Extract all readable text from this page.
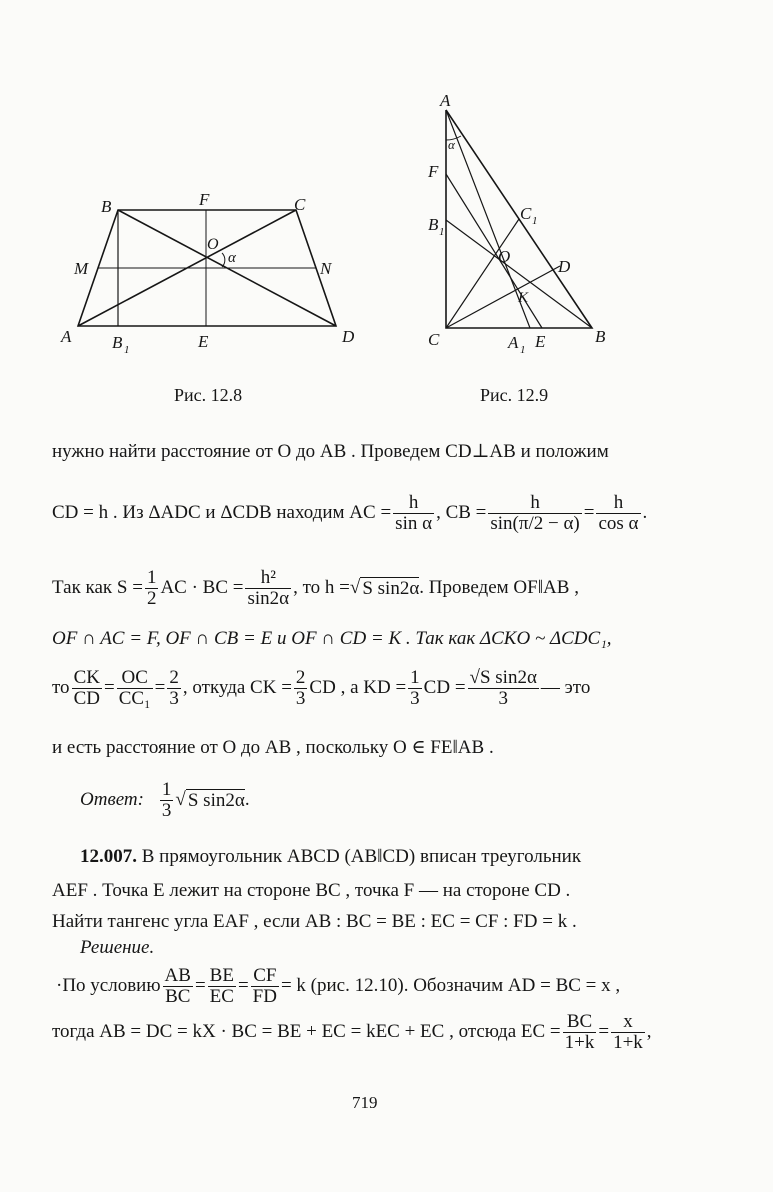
B	F	C
O
α
M	N
A B 1	E	D
A
α
F
B 1
C 1
O
D
K
C	A 1 E	B
Рис. 12.8	Рис. 12.9
нужно найти расстояние от O до AB . Проведем CD⊥AB и положим
CD = h . Из ΔADC и ΔCDB находим AC = $\frac{h}{\text{sin α}}$ , CB = $\frac{h}{\sin(\pi/2 - \alpha)} = \frac{h}{\text{cos α}}$ .
Так как $S = \frac{1}{2}$ AC · BC = $\frac{\text{h²}}{\sin 2\alpha}$ , то h = √ S sin2α . Проведем OF‖AB ,
OF ∩ AC = F, OF ∩ CB = E и OF ∩ CD = K . Так как ΔCKO ~ ΔCDC₁,
то $\frac{CK}{CD} = \frac{OC}{\text{CC₁}} = \frac{2}{3}$ , откуда CK = $\frac{2}{3}$ CD , а KD = $\frac{1}{3}$ CD = $\frac{\text{√S sin2α}}{3}$ — это
и есть расстояние от O до AB , поскольку O ∈ FE‖AB .
Ответ: $\frac{1}{3}$ √ S sin2α .
12.007. В прямоугольник ABCD (AB‖CD) вписан треугольник
AEF . Точка E лежит на стороне BC , точка F — на стороне CD .
Найти тангенс угла EAF , если AB : BC = BE : EC = CF : FD = k .
Решение.
·По условию $\frac{AB}{BC} = \frac{BE}{EC} = \frac{CF}{FD} = k$ (рис. 12.10). Обозначим AD = BC = x ,
тогда AB = DC = kX · BC = BE + EC = kEC + EC , отсюда EC = $\frac{BC}{1+k} = \frac{x}{1+k}$ ,
719
